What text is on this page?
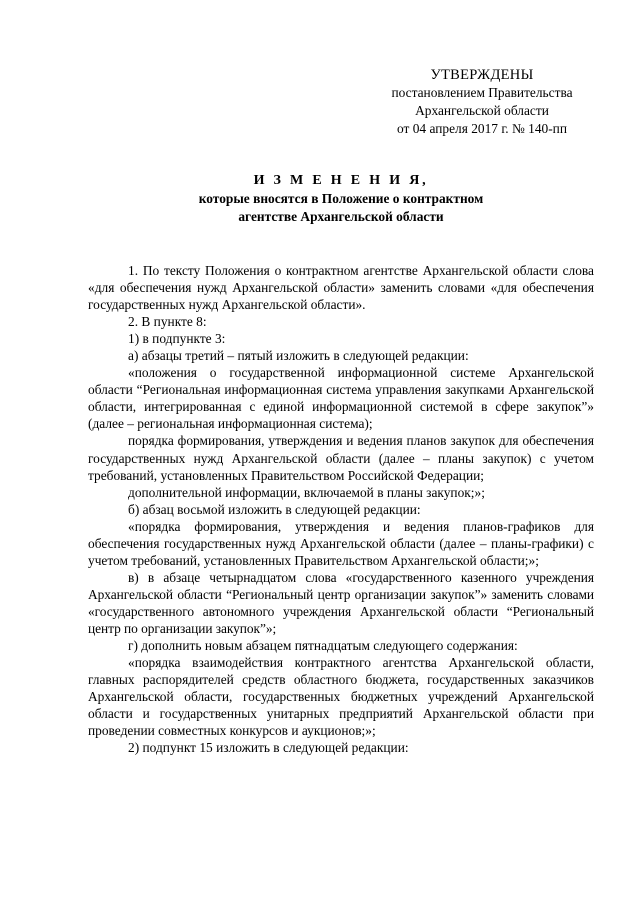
УТВЕРЖДЕНЫ
постановлением Правительства
Архангельской области
от 04 апреля 2017 г. № 140-пп
И З М Е Н Е Н И Я,
которые вносятся в Положение о контрактном
агентстве Архангельской области

1. По тексту Положения о контрактном агентстве Архангельской области слова «для обеспечения нужд Архангельской области» заменить словами «для обеспечения государственных нужд Архангельской области».

2. В пункте 8:

1) в подпункте 3:

а) абзацы третий – пятый изложить в следующей редакции:

«положения о государственной информационной системе Архангельской области “Региональная информационная система управления закупками Архангельской области, интегрированная с единой информационной системой в сфере закупок”» (далее – региональная информационная система);

порядка формирования, утверждения и ведения планов закупок для обеспечения государственных нужд Архангельской области (далее – планы закупок) с учетом требований, установленных Правительством Российской Федерации;

дополнительной информации, включаемой в планы закупок;»;

б) абзац восьмой изложить в следующей редакции:

«порядка формирования, утверждения и ведения планов-графиков для обеспечения государственных нужд Архангельской области (далее – планы-графики) с учетом требований, установленных Правительством Архангельской области;»;

в) в абзаце четырнадцатом слова «государственного казенного учреждения Архангельской области “Региональный центр организации закупок”» заменить словами «государственного автономного учреждения Архангельской области “Региональный центр по организации закупок”»;

г) дополнить новым абзацем пятнадцатым следующего содержания:

«порядка взаимодействия контрактного агентства Архангельской области, главных распорядителей средств областного бюджета, государственных заказчиков Архангельской области, государственных бюджетных учреждений Архангельской области и государственных унитарных предприятий Архангельской области при проведении совместных конкурсов и аукционов;»;

2) подпункт 15 изложить в следующей редакции:
